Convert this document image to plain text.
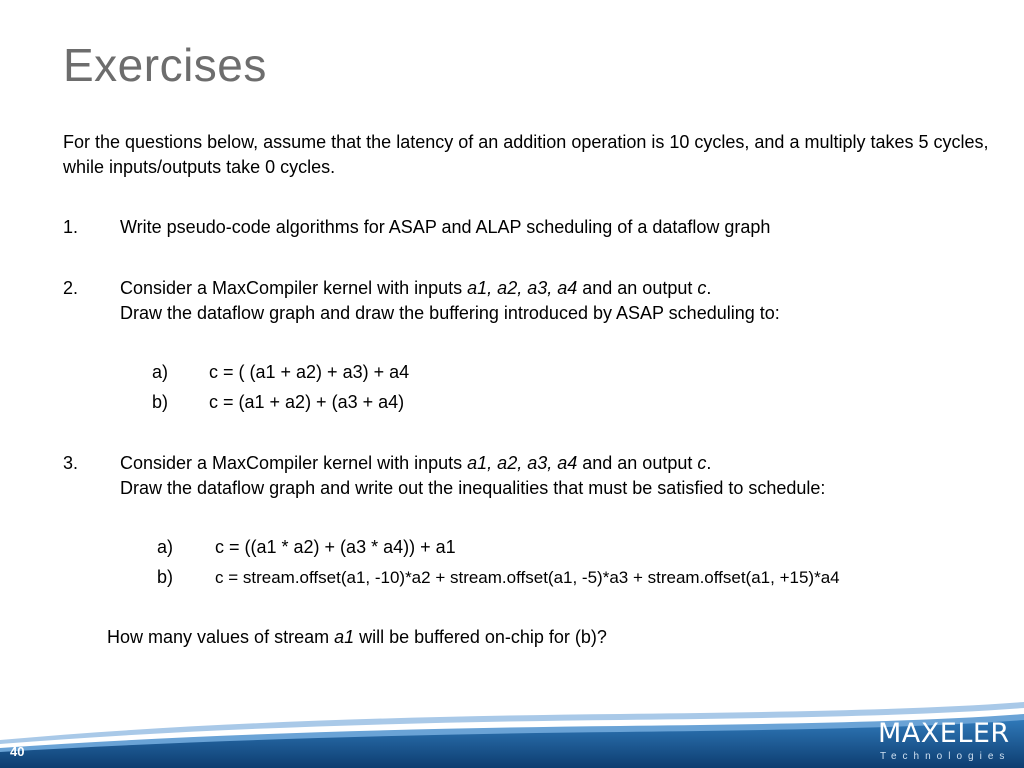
Exercises
For the questions below, assume that the latency of an addition operation is 10 cycles, and a multiply takes 5 cycles, while inputs/outputs take 0 cycles.
1. Write pseudo-code algorithms for ASAP and ALAP scheduling of a dataflow graph
2. Consider a MaxCompiler kernel with inputs a1, a2, a3, a4 and an output c.
Draw the dataflow graph and draw the buffering introduced by ASAP scheduling to:
a) c = ( (a1 + a2) + a3) + a4
b) c = (a1 + a2) + (a3 + a4)
3. Consider a MaxCompiler kernel with inputs a1, a2, a3, a4 and an output c.
Draw the dataflow graph and write out the inequalities that must be satisfied to schedule:
a) c = ((a1 * a2) + (a3 * a4)) + a1
b) c = stream.offset(a1, -10)*a2 + stream.offset(a1, -5)*a3 + stream.offset(a1, +15)*a4
How many values of stream a1 will be buffered on-chip for (b)?
40
MAXELER
Technologies
